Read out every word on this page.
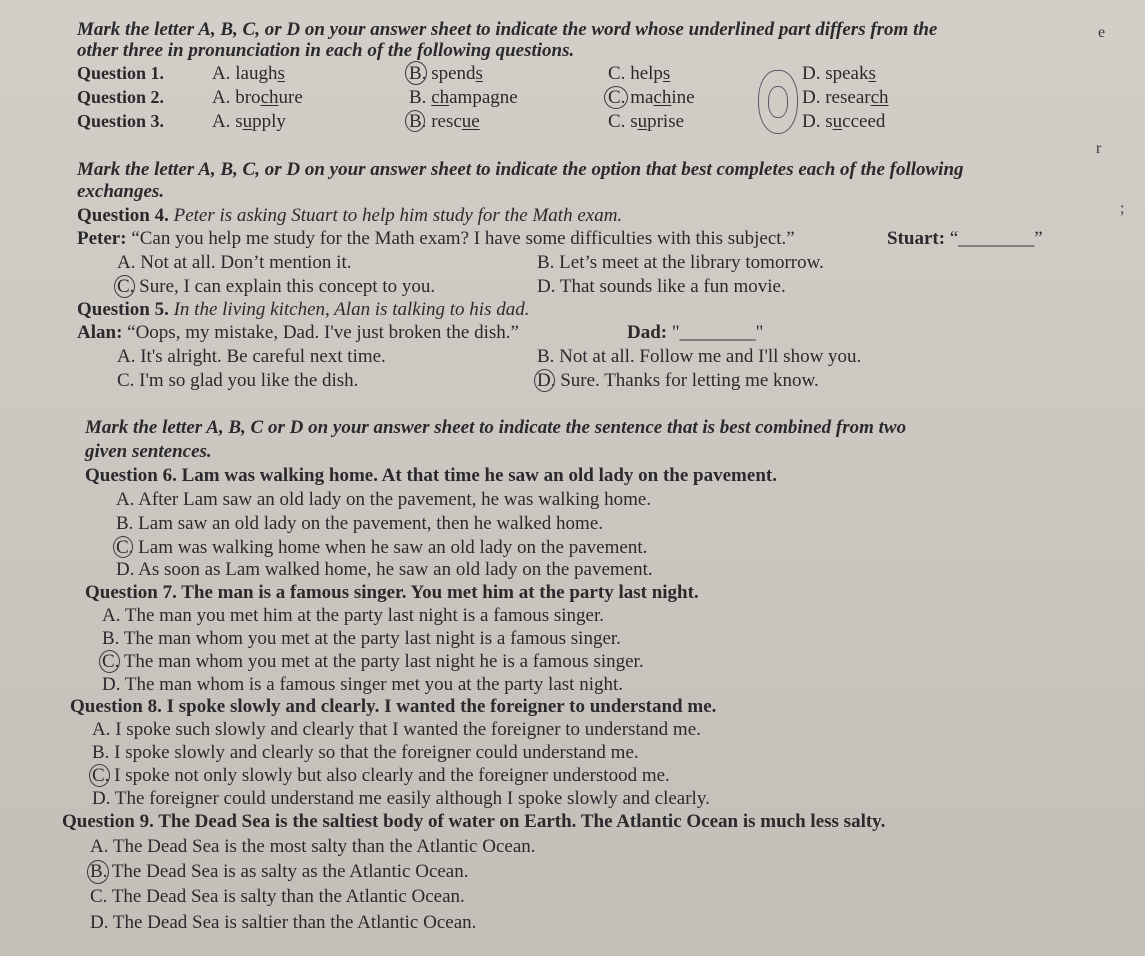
Mark the letter A, B, C, or D on your answer sheet to indicate the word whose underlined part differs from the
other three in pronunciation in each of the following questions.
Question 1.	A. laughs	B. spends	C. helps	D. speaks
Question 2.	A. brochure	B. champagne	C. machine	D. research
Question 3.	A. supply	B. rescue	C. suprise	D. succeed
Mark the letter A, B, C, or D on your answer sheet to indicate the option that best completes each of the following
exchanges.
Question 4. Peter is asking Stuart to help him study for the Math exam.
Peter: “Can you help me study for the Math exam? I have some difficulties with this subject.”	Stuart: “________”
A. Not at all. Don’t mention it.	B. Let’s meet at the library tomorrow.
C. Sure, I can explain this concept to you.	D. That sounds like a fun movie.
Question 5. In the living kitchen, Alan is talking to his dad.
Alan: “Oops, my mistake, Dad. I've just broken the dish.”	Dad: "________"
A. It's alright. Be careful next time.	B. Not at all. Follow me and I'll show you.
C. I'm so glad you like the dish.	D. Sure. Thanks for letting me know.
Mark the letter A, B, C or D on your answer sheet to indicate the sentence that is best combined from two
given sentences.
Question 6. Lam was walking home. At that time he saw an old lady on the pavement.
A. After Lam saw an old lady on the pavement, he was walking home.
B. Lam saw an old lady on the pavement, then he walked home.
C. Lam was walking home when he saw an old lady on the pavement.
D. As soon as Lam walked home, he saw an old lady on the pavement.
Question 7. The man is a famous singer. You met him at the party last night.
A. The man you met him at the party last night is a famous singer.
B. The man whom you met at the party last night is a famous singer.
C. The man whom you met at the party last night he is a famous singer.
D. The man whom is a famous singer met you at the party last night.
Question 8. I spoke slowly and clearly. I wanted the foreigner to understand me.
A. I spoke such slowly and clearly that I wanted the foreigner to understand me.
B. I spoke slowly and clearly so that the foreigner could understand me.
C. I spoke not only slowly but also clearly and the foreigner understood me.
D. The foreigner could understand me easily although I spoke slowly and clearly.
Question 9. The Dead Sea is the saltiest body of water on Earth. The Atlantic Ocean is much less salty.
A. The Dead Sea is the most salty than the Atlantic Ocean.
B. The Dead Sea is as salty as the Atlantic Ocean.
C. The Dead Sea is salty than the Atlantic Ocean.
D. The Dead Sea is saltier than the Atlantic Ocean.
e
r
;
